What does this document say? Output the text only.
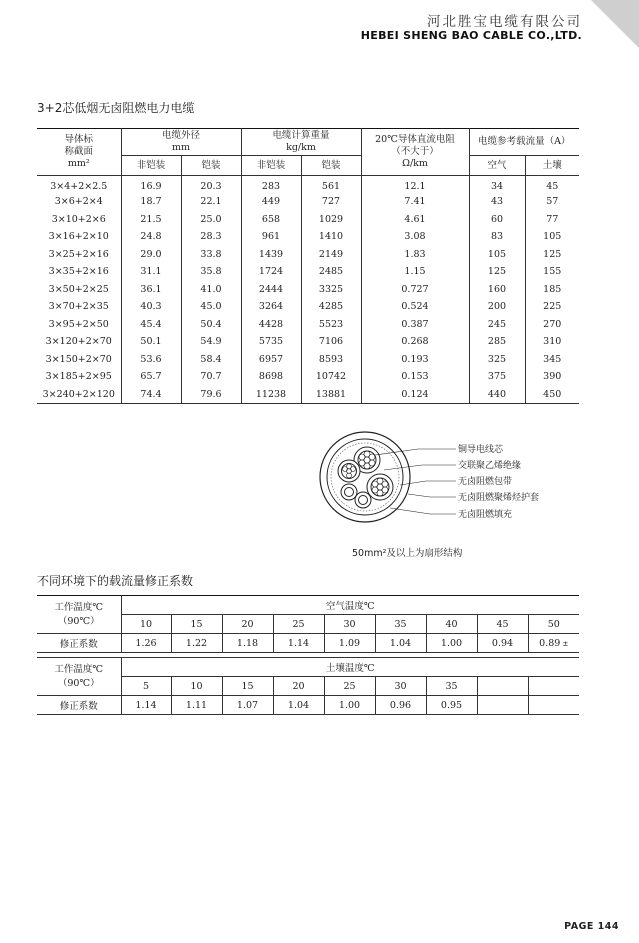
河北胜宝电缆有限公司
HEBEI SHENG BAO CABLE CO.,LTD.
3+2芯低烟无卤阻燃电力电缆
导体标
称截面
mm²	电缆外径
mm		电缆计算重量
kg/km		20℃导体直流电阻
（不大于）
Ω/km	电缆参考载流量（A）	
	非铠装	铠装	非铠装	铠装		空气	土壤
3×4+2×2.5	16.9	20.3	283	561	12.1	34	45
3×6+2×4	18.7	22.1	449	727	7.41	43	57
3×10+2×6	21.5	25.0	658	1029	4.61	60	77
3×16+2×10	24.8	28.3	961	1410	3.08	83	105
3×25+2×16	29.0	33.8	1439	2149	1.83	105	125
3×35+2×16	31.1	35.8	1724	2485	1.15	125	155
3×50+2×25	36.1	41.0	2444	3325	0.727	160	185
3×70+2×35	40.3	45.0	3264	4285	0.524	200	225
3×95+2×50	45.4	50.4	4428	5523	0.387	245	270
3×120+2×70	50.1	54.9	5735	7106	0.268	285	310
3×150+2×70	53.6	58.4	6957	8593	0.193	325	345
3×185+2×95	65.7	70.7	8698	10742	0.153	375	390
3×240+2×120	74.4	79.6	11238	13881	0.124	440	450
铜导电线芯
交联聚乙烯绝缘
无卤阻燃包带
无卤阻燃聚烯烃护套
无卤阻燃填充
50mm²及以上为扇形结构
不同环境下的载流量修正系数
工作温度℃
（90℃）	空气温度℃								
	10	15	20	25	30	35	40	45	50
修正系数	1.26	1.22	1.18	1.14	1.09	1.04	1.00	0.94	0.89 ±
工作温度℃
（90℃）	土壤温度℃								
	5	10	15	20	25	30	35		
修正系数	1.14	1.11	1.07	1.04	1.00	0.96	0.95		
PAGE 144
